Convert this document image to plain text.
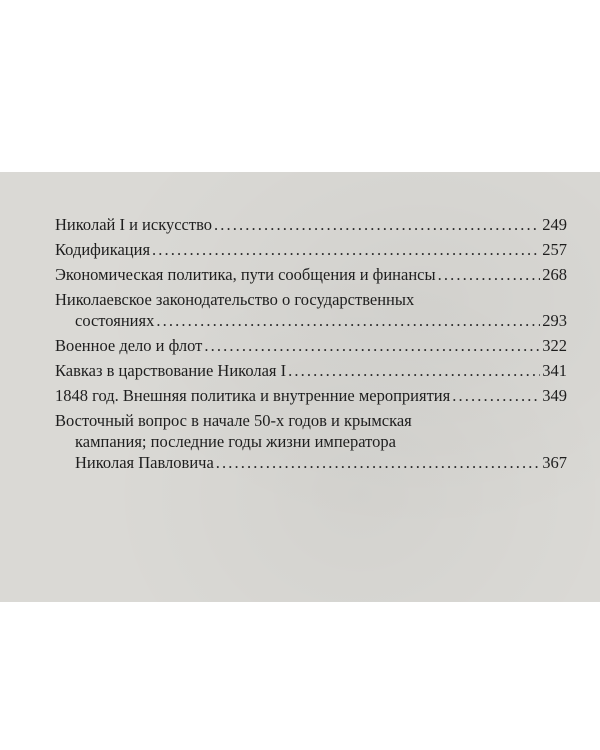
Николай I и искусство . . .	249
Кодификация . . .	257
Экономическая политика, пути сообщения и финансы . . .	268
Николаевское законодательство о государственных
состояниях . . .	293
Военное дело и флот . . .	322
Кавказ в царствование Николая I . . .	341
1848 год. Внешняя политика и внутренние мероприятия . . .	349
Восточный вопрос в начале 50-х годов и крымская
кампания; последние годы жизни императора
Николая Павловича . . .	367
